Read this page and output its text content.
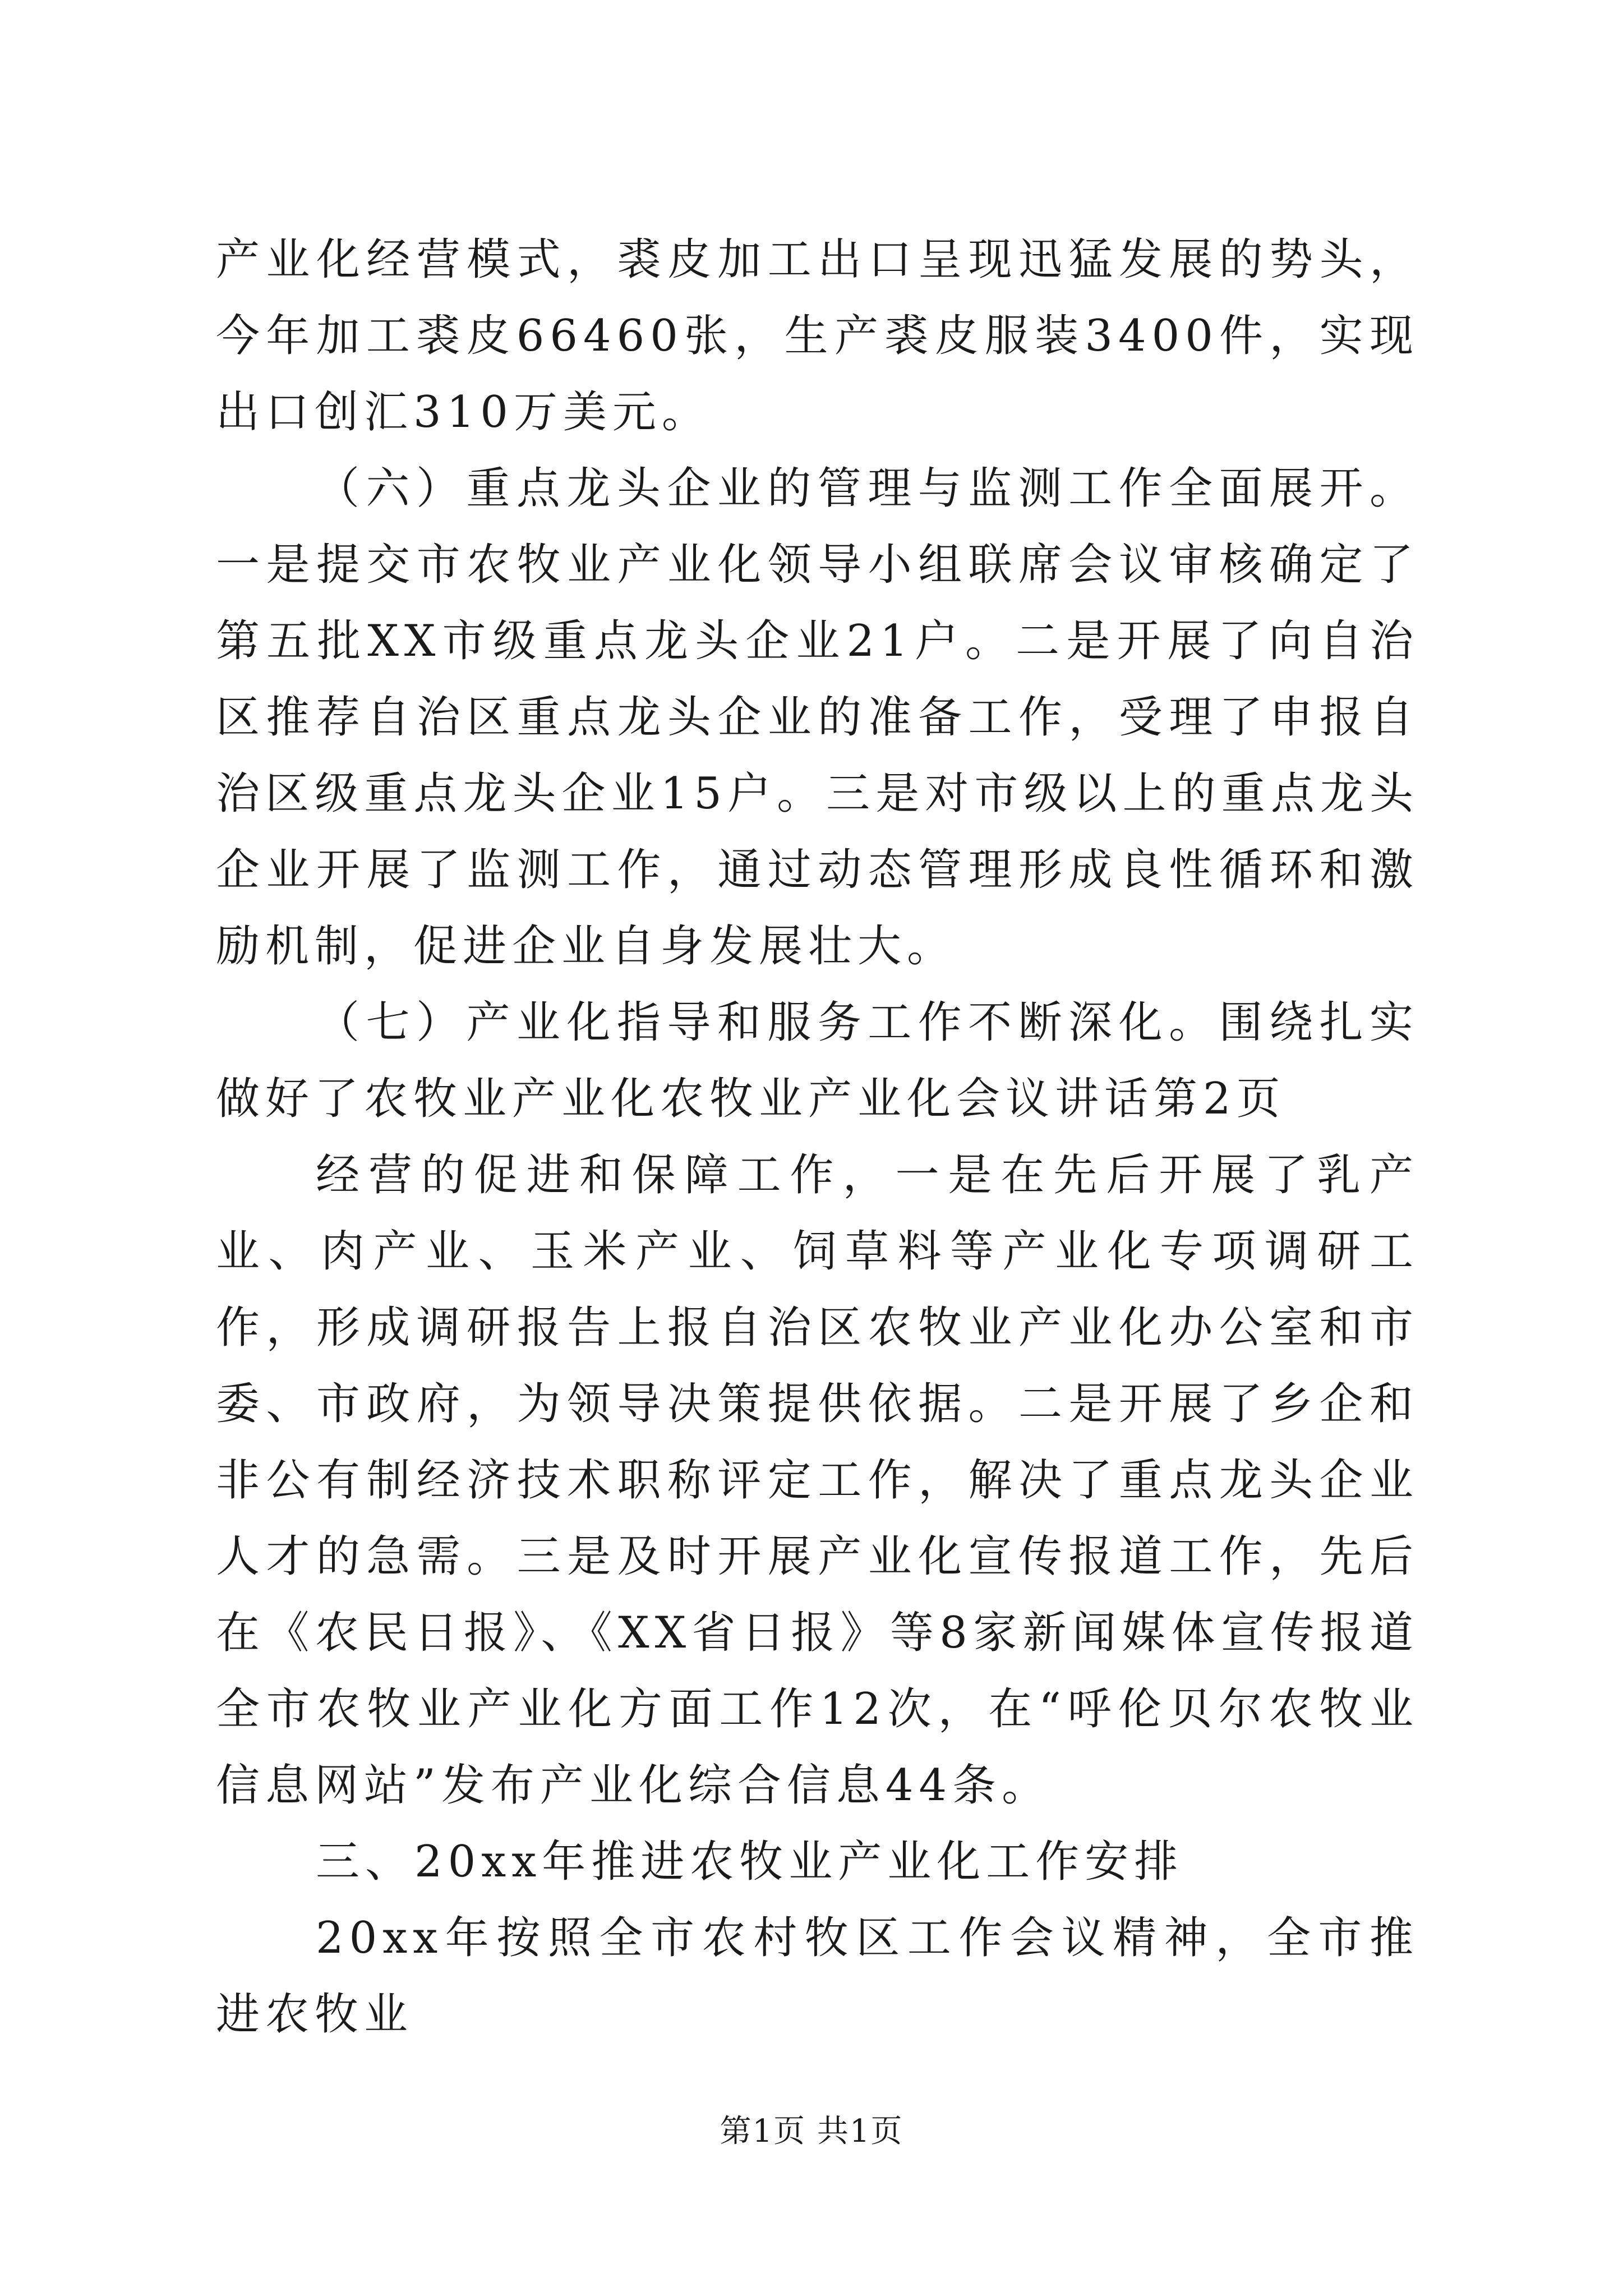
产业化经营模式，裘皮加工出口呈现迅猛发展的势头，今年加工裘皮66460张，生产裘皮服装3400件，实现出口创汇310万美元。

（六）重点龙头企业的管理与监测工作全面展开。一是提交市农牧业产业化领导小组联席会议审核确定了第五批XX市级重点龙头企业21户。二是开展了向自治区推荐自治区重点龙头企业的准备工作，受理了申报自治区级重点龙头企业15户。三是对市级以上的重点龙头企业开展了监测工作，通过动态管理形成良性循环和激励机制，促进企业自身发展壮大。

（七）产业化指导和服务工作不断深化。围绕扎实做好了农牧业产业化农牧业产业化会议讲话第2页

经营的促进和保障工作，一是在先后开展了乳产业、肉产业、玉米产业、饲草料等产业化专项调研工作，形成调研报告上报自治区农牧业产业化办公室和市委、市政府，为领导决策提供依据。二是开展了乡企和非公有制经济技术职称评定工作，解决了重点龙头企业人才的急需。三是及时开展产业化宣传报道工作，先后在《农民日报》、《XX省日报》等8家新闻媒体宣传报道全市农牧业产业化方面工作12次，在“呼伦贝尔农牧业信息网站”发布产业化综合信息44条。

三、20xx年推进农牧业产业化工作安排

20xx年按照全市农村牧区工作会议精神，全市推进农牧业

第1页 共1页
